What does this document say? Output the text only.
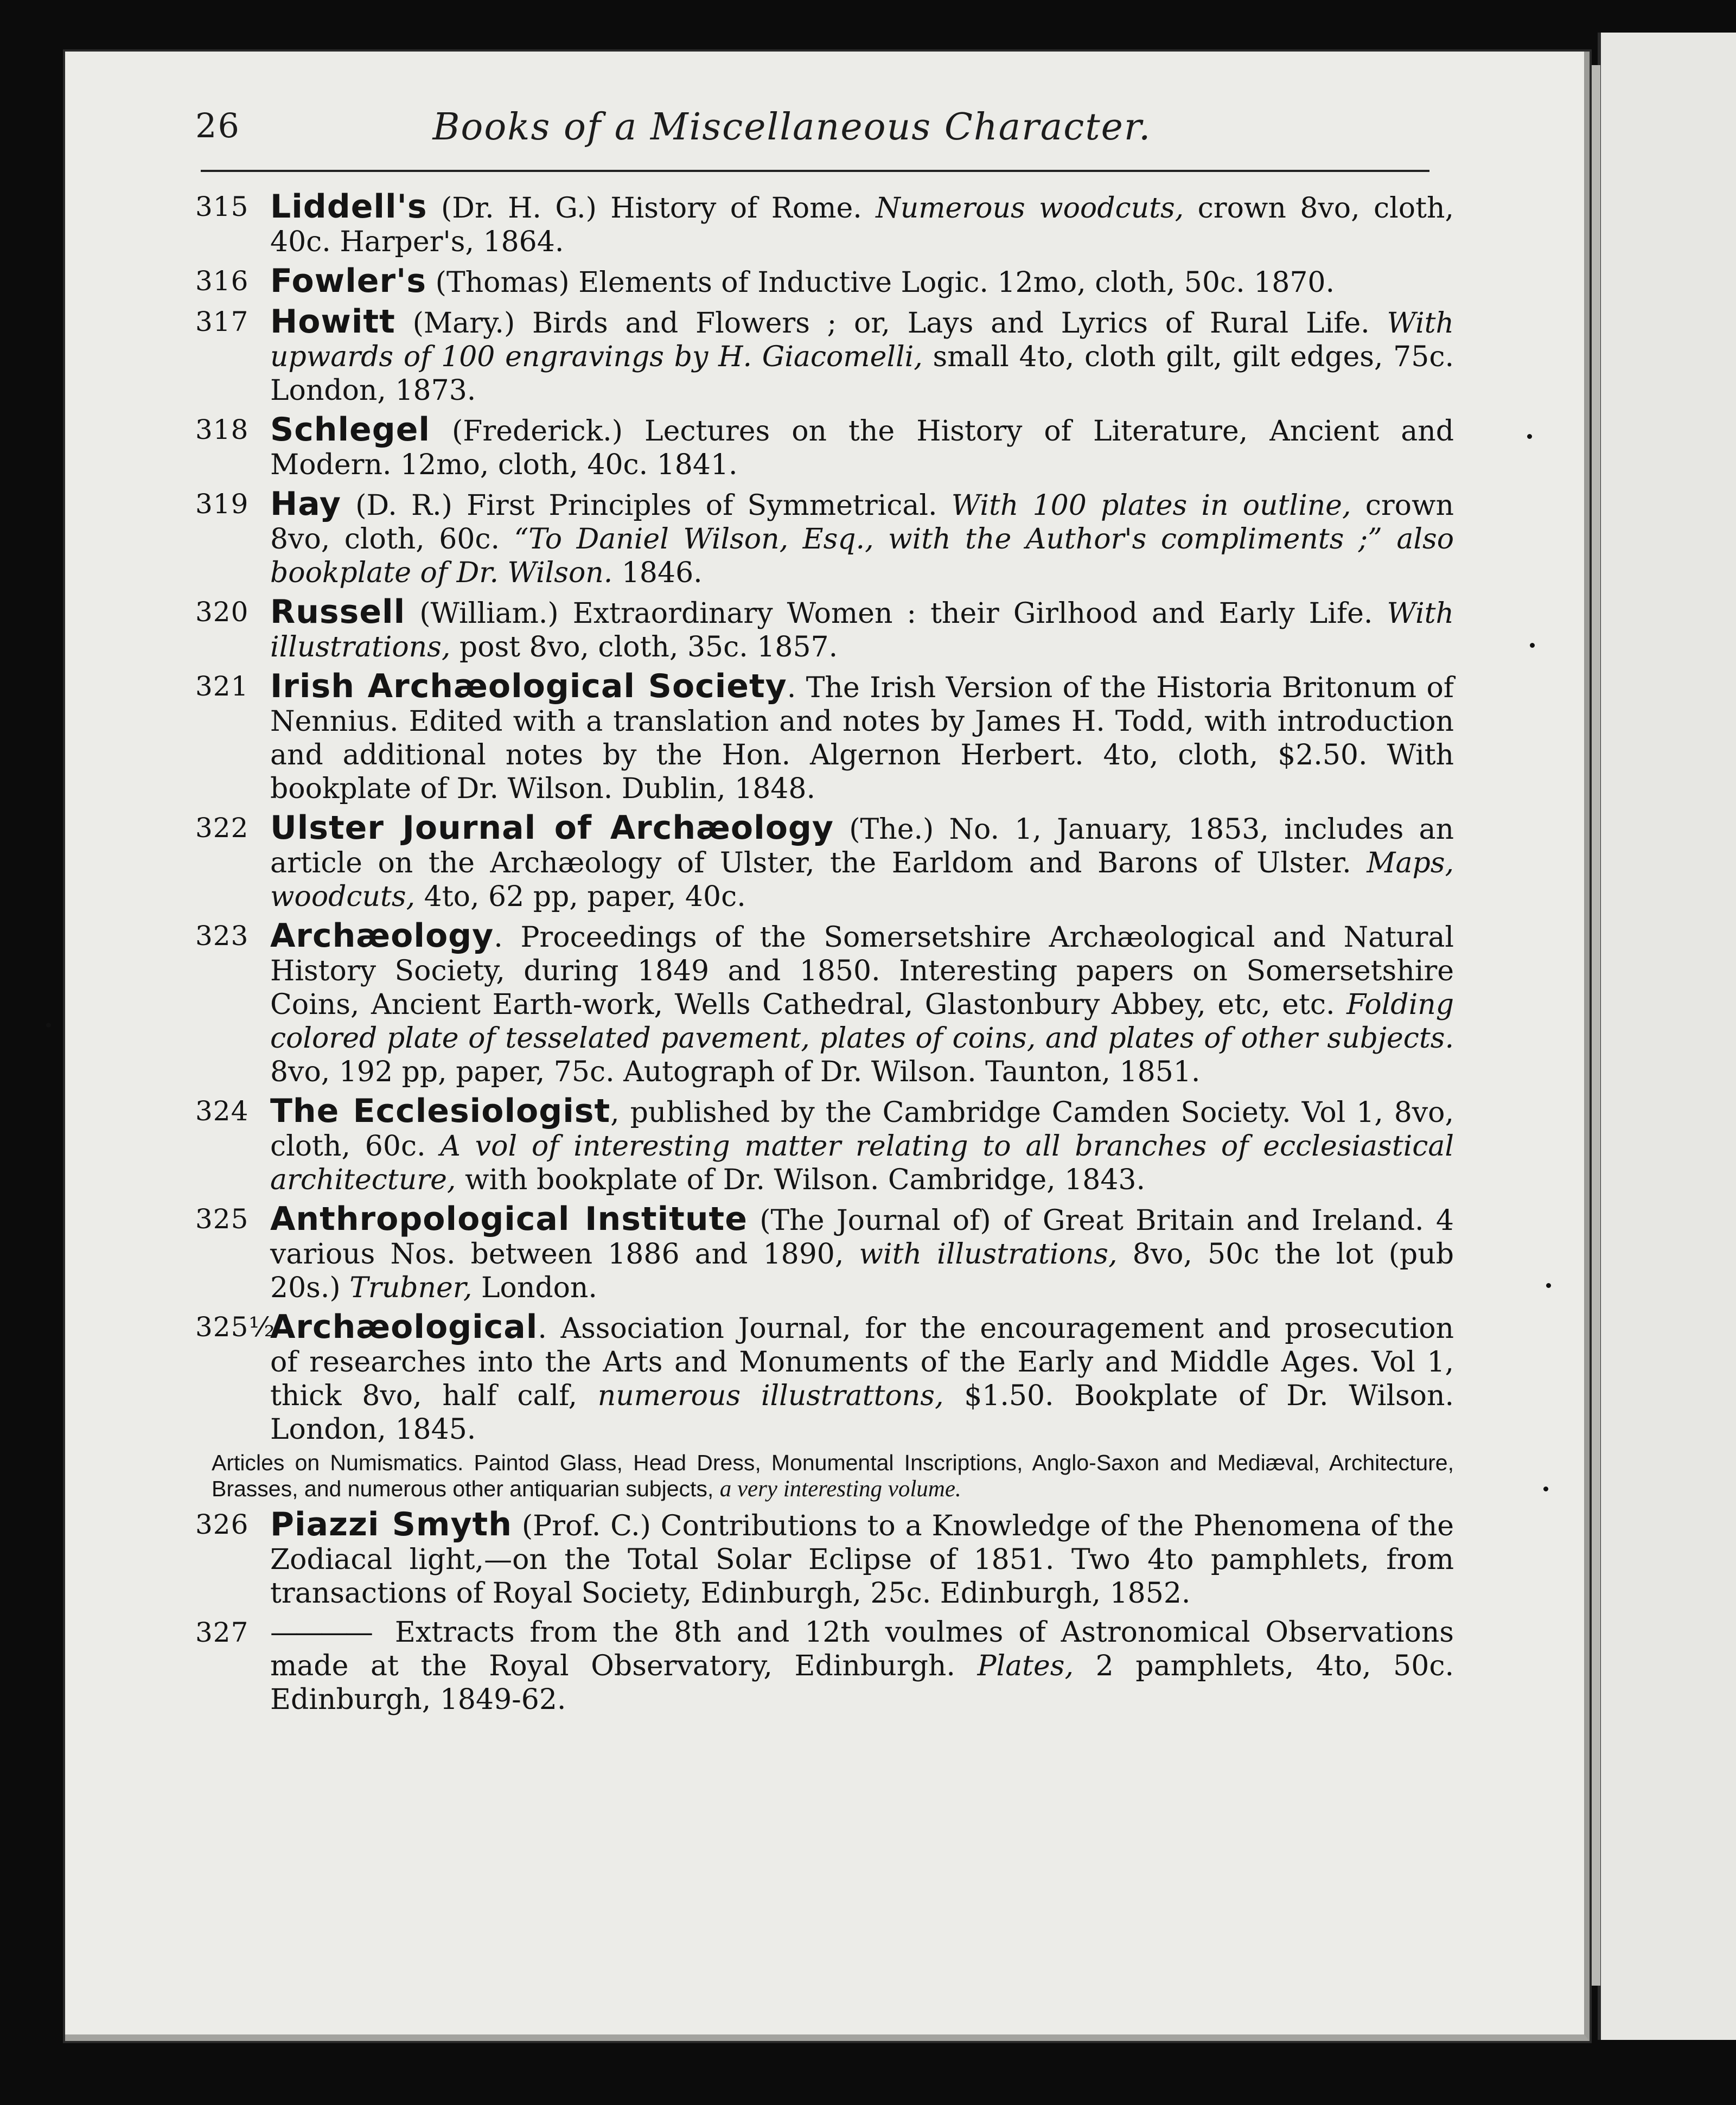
26	Books of a Miscellaneous Character.
315 Liddell's (Dr. H. G.) History of Rome. Numerous woodcuts, crown 8vo, cloth, 40c. Harper's, 1864.
316 Fowler's (Thomas) Elements of Inductive Logic. 12mo, cloth, 50c. 1870.
317 Howitt (Mary.) Birds and Flowers ; or, Lays and Lyrics of Rural Life. With upwards of 100 engravings by H. Giacomelli, small 4to, cloth gilt, gilt edges, 75c. London, 1873.
318 Schlegel (Frederick.) Lectures on the History of Literature, Ancient and Modern. 12mo, cloth, 40c. 1841.
319 Hay (D. R.) First Principles of Symmetrical. With 100 plates in outline, crown 8vo, cloth, 60c. “To Daniel Wilson, Esq., with the Author's compliments ;” also bookplate of Dr. Wilson. 1846.
320 Russell (William.) Extraordinary Women : their Girlhood and Early Life. With illustrations, post 8vo, cloth, 35c. 1857.
321 Irish Archæological Society. The Irish Version of the Historia Britonum of Nennius. Edited with a translation and notes by James H. Todd, with introduction and additional notes by the Hon. Algernon Herbert. 4to, cloth, $2.50. With bookplate of Dr. Wilson. Dublin, 1848.
322 Ulster Journal of Archæology (The.) No. 1, January, 1853, includes an article on the Archæology of Ulster, the Earldom and Barons of Ulster. Maps, woodcuts, 4to, 62 pp, paper, 40c.
323 Archæology. Proceedings of the Somersetshire Archæological and Natural History Society, during 1849 and 1850. Interesting papers on Somersetshire Coins, Ancient Earth-work, Wells Cathedral, Glastonbury Abbey, etc, etc. Folding colored plate of tesselated pavement, plates of coins, and plates of other subjects. 8vo, 192 pp, paper, 75c. Autograph of Dr. Wilson. Taunton, 1851.
324 The Ecclesiologist, published by the Cambridge Camden Society. Vol 1, 8vo, cloth, 60c. A vol of interesting matter relating to all branches of ecclesiastical architecture, with bookplate of Dr. Wilson. Cambridge, 1843.
325 Anthropological Institute (The Journal of) of Great Britain and Ireland. 4 various Nos. between 1886 and 1890, with illustrations, 8vo, 50c the lot (pub 20s.) Trubner, London.
325½
Archæological. Association Journal, for the encouragement and prosecution of researches into the Arts and Monuments of the Early and Middle Ages. Vol 1, thick 8vo, half calf, numerous illustrattons, $1.50. Bookplate of Dr. Wilson. London, 1845.
Articles on Numismatics. Paintod Glass, Head Dress, Monumental Inscriptions, Anglo-Saxon and Mediæval, Architecture, Brasses, and numerous other antiquarian subjects, a very interesting volume.
326 Piazzi Smyth (Prof. C.) Contributions to a Knowledge of the Phenomena of the Zodiacal light,—on the Total Solar Eclipse of 1851. Two 4to pamphlets, from transactions of Royal Society, Edinburgh, 25c. Edinburgh, 1852.
327 ———— Extracts from the 8th and 12th voulmes of Astronomical Observations made at the Royal Observatory, Edinburgh. Plates, 2 pamphlets, 4to, 50c. Edinburgh, 1849-62.
